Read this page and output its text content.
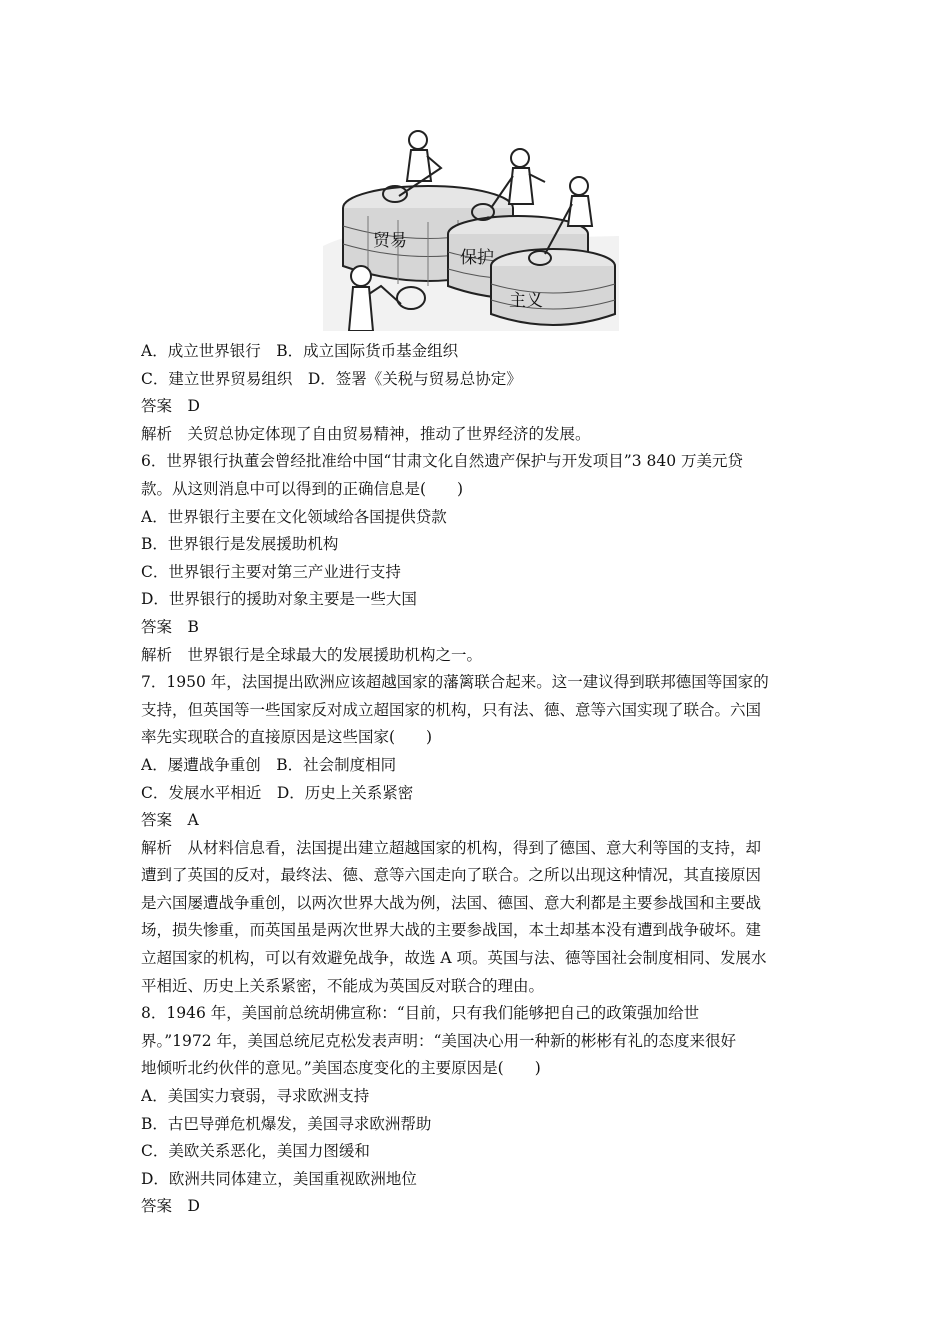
贸易
保护
主义
A．成立世界银行　B．成立国际货币基金组织
C．建立世界贸易组织　D．签署《关税与贸易总协定》
答案　D
解析　关贸总协定体现了自由贸易精神，推动了世界经济的发展。
6．世界银行执董会曾经批准给中国“甘肃文化自然遗产保护与开发项目”3 840 万美元贷
款。从这则消息中可以得到的正确信息是(　　)
A．世界银行主要在文化领域给各国提供贷款
B．世界银行是发展援助机构
C．世界银行主要对第三产业进行支持
D．世界银行的援助对象主要是一些大国
答案　B
解析　世界银行是全球最大的发展援助机构之一。
7．1950 年，法国提出欧洲应该超越国家的藩篱联合起来。这一建议得到联邦德国等国家的
支持，但英国等一些国家反对成立超国家的机构，只有法、德、意等六国实现了联合。六国
率先实现联合的直接原因是这些国家(　　)
A．屡遭战争重创　B．社会制度相同
C．发展水平相近　D．历史上关系紧密
答案　A
解析　从材料信息看，法国提出建立超越国家的机构，得到了德国、意大利等国的支持，却
遭到了英国的反对，最终法、德、意等六国走向了联合。之所以出现这种情况，其直接原因
是六国屡遭战争重创，以两次世界大战为例，法国、德国、意大利都是主要参战国和主要战
场，损失惨重，而英国虽是两次世界大战的主要参战国，本土却基本没有遭到战争破坏。建
立超国家的机构，可以有效避免战争，故选 A 项。英国与法、德等国社会制度相同、发展水
平相近、历史上关系紧密，不能成为英国反对联合的理由。
8．1946 年，美国前总统胡佛宣称：“目前，只有我们能够把自己的政策强加给世
界。”1972 年，美国总统尼克松发表声明：“美国决心用一种新的彬彬有礼的态度来很好
地倾听北约伙伴的意见。”美国态度变化的主要原因是(　　)
A．美国实力衰弱，寻求欧洲支持
B．古巴导弹危机爆发，美国寻求欧洲帮助
C．美欧关系恶化，美国力图缓和
D．欧洲共同体建立，美国重视欧洲地位
答案　D
